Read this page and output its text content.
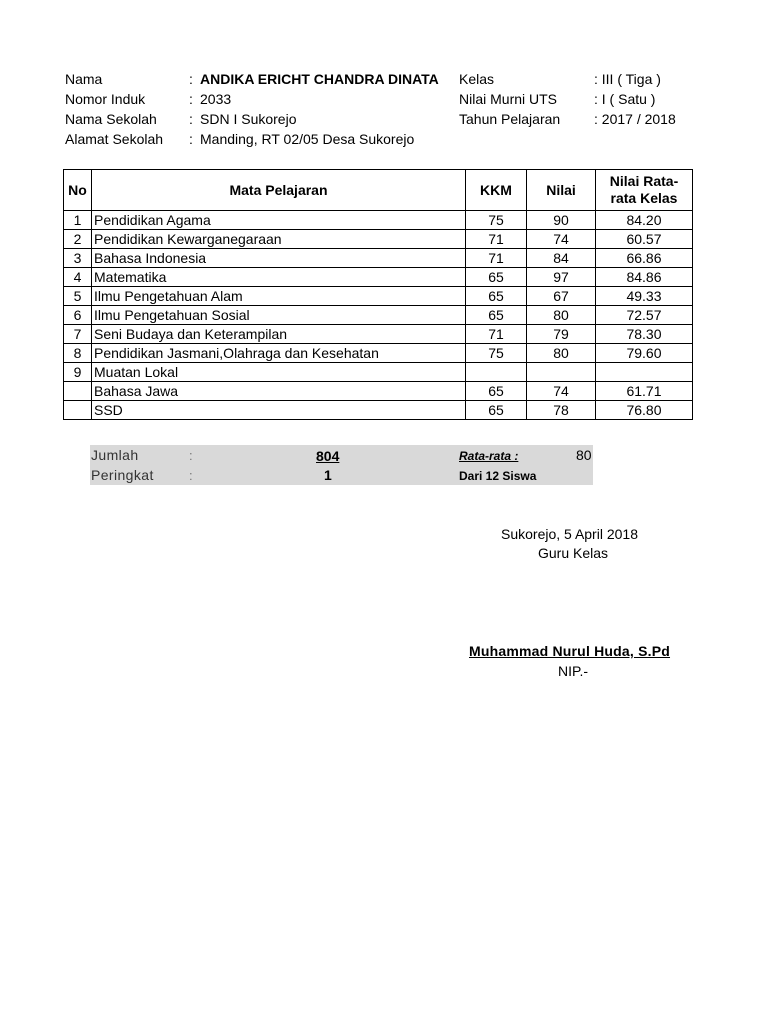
Nama	: ANDIKA ERICHT CHANDRA DINATA
Nomor Induk	: 2033
Nama Sekolah : SDN I Sukorejo
Alamat Sekolah : Manding, RT 02/05 Desa Sukorejo
Kelas	: III ( Tiga )
Nilai Murni UTS	: I ( Satu )
Tahun Pelajaran : 2017 / 2018
No	Mata Pelajaran	KKM	Nilai	Nilai Rata-
rata Kelas
1	Pendidikan Agama	75	90	84.20
2	Pendidikan Kewarganegaraan	71	74	60.57
3	Bahasa Indonesia	71	84	66.86
4	Matematika	65	97	84.86
5	Ilmu Pengetahuan Alam	65	67	49.33
6	Ilmu Pengetahuan Sosial	65	80	72.57
7	Seni Budaya dan Keterampilan	71	79	78.30
8	Pendidikan Jasmani,Olahraga dan Kesehatan	75	80	79.60
9	Muatan Lokal			
	Bahasa Jawa	65	74	61.71
	SSD	65	78	76.80
Jumlah	:	804	Rata-rata :	80
Peringkat	:	1	Dari 12 Siswa
Sukorejo, 5 April 2018
Guru Kelas
Muhammad Nurul Huda, S.Pd
NIP.-
